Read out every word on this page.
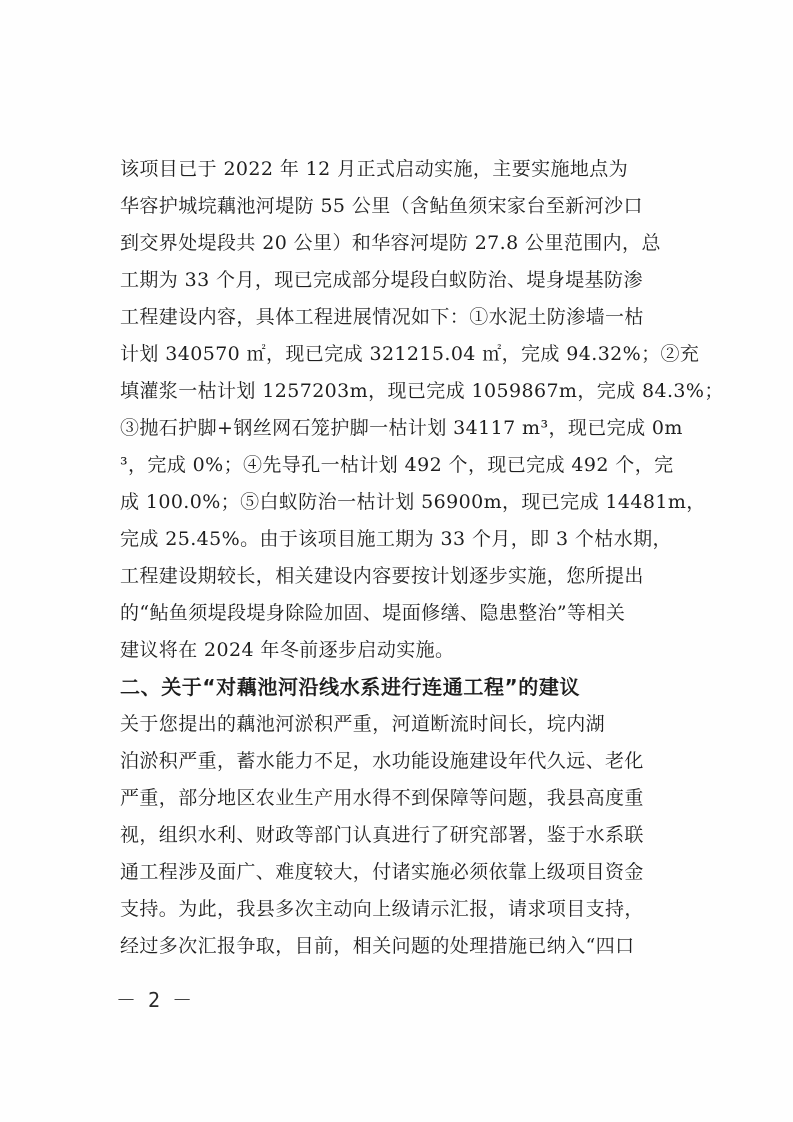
该项目已于 2022 年 12 月正式启动实施，主要实施地点为
华容护城垸藕池河堤防 55 公里（含鲇鱼须宋家台至新河沙口
到交界处堤段共 20 公里）和华容河堤防 27.8 公里范围内，总
工期为 33 个月，现已完成部分堤段白蚁防治、堤身堤基防渗
工程建设内容，具体工程进展情况如下：①水泥土防渗墙一枯
计划 340570 ㎡，现已完成 321215.04 ㎡，完成 94.32%；②充
填灌浆一枯计划 1257203m，现已完成 1059867m，完成 84.3%；
③抛石护脚+钢丝网石笼护脚一枯计划 34117 m³，现已完成 0m
³，完成 0%；④先导孔一枯计划 492 个，现已完成 492 个，完
成 100.0%；⑤白蚁防治一枯计划 56900m，现已完成 14481m，
完成 25.45%。由于该项目施工期为 33 个月，即 3 个枯水期，
工程建设期较长，相关建设内容要按计划逐步实施，您所提出
的“鲇鱼须堤段堤身除险加固、堤面修缮、隐患整治”等相关
建议将在 2024 年冬前逐步启动实施。
二、关于“对藕池河沿线水系进行连通工程”的建议
关于您提出的藕池河淤积严重，河道断流时间长，垸内湖
泊淤积严重，蓄水能力不足，水功能设施建设年代久远、老化
严重，部分地区农业生产用水得不到保障等问题，我县高度重
视，组织水利、财政等部门认真进行了研究部署，鉴于水系联
通工程涉及面广、难度较大，付诸实施必须依靠上级项目资金
支持。为此，我县多次主动向上级请示汇报，请求项目支持，
经过多次汇报争取，目前，相关问题的处理措施已纳入“四口
－ 2 －
